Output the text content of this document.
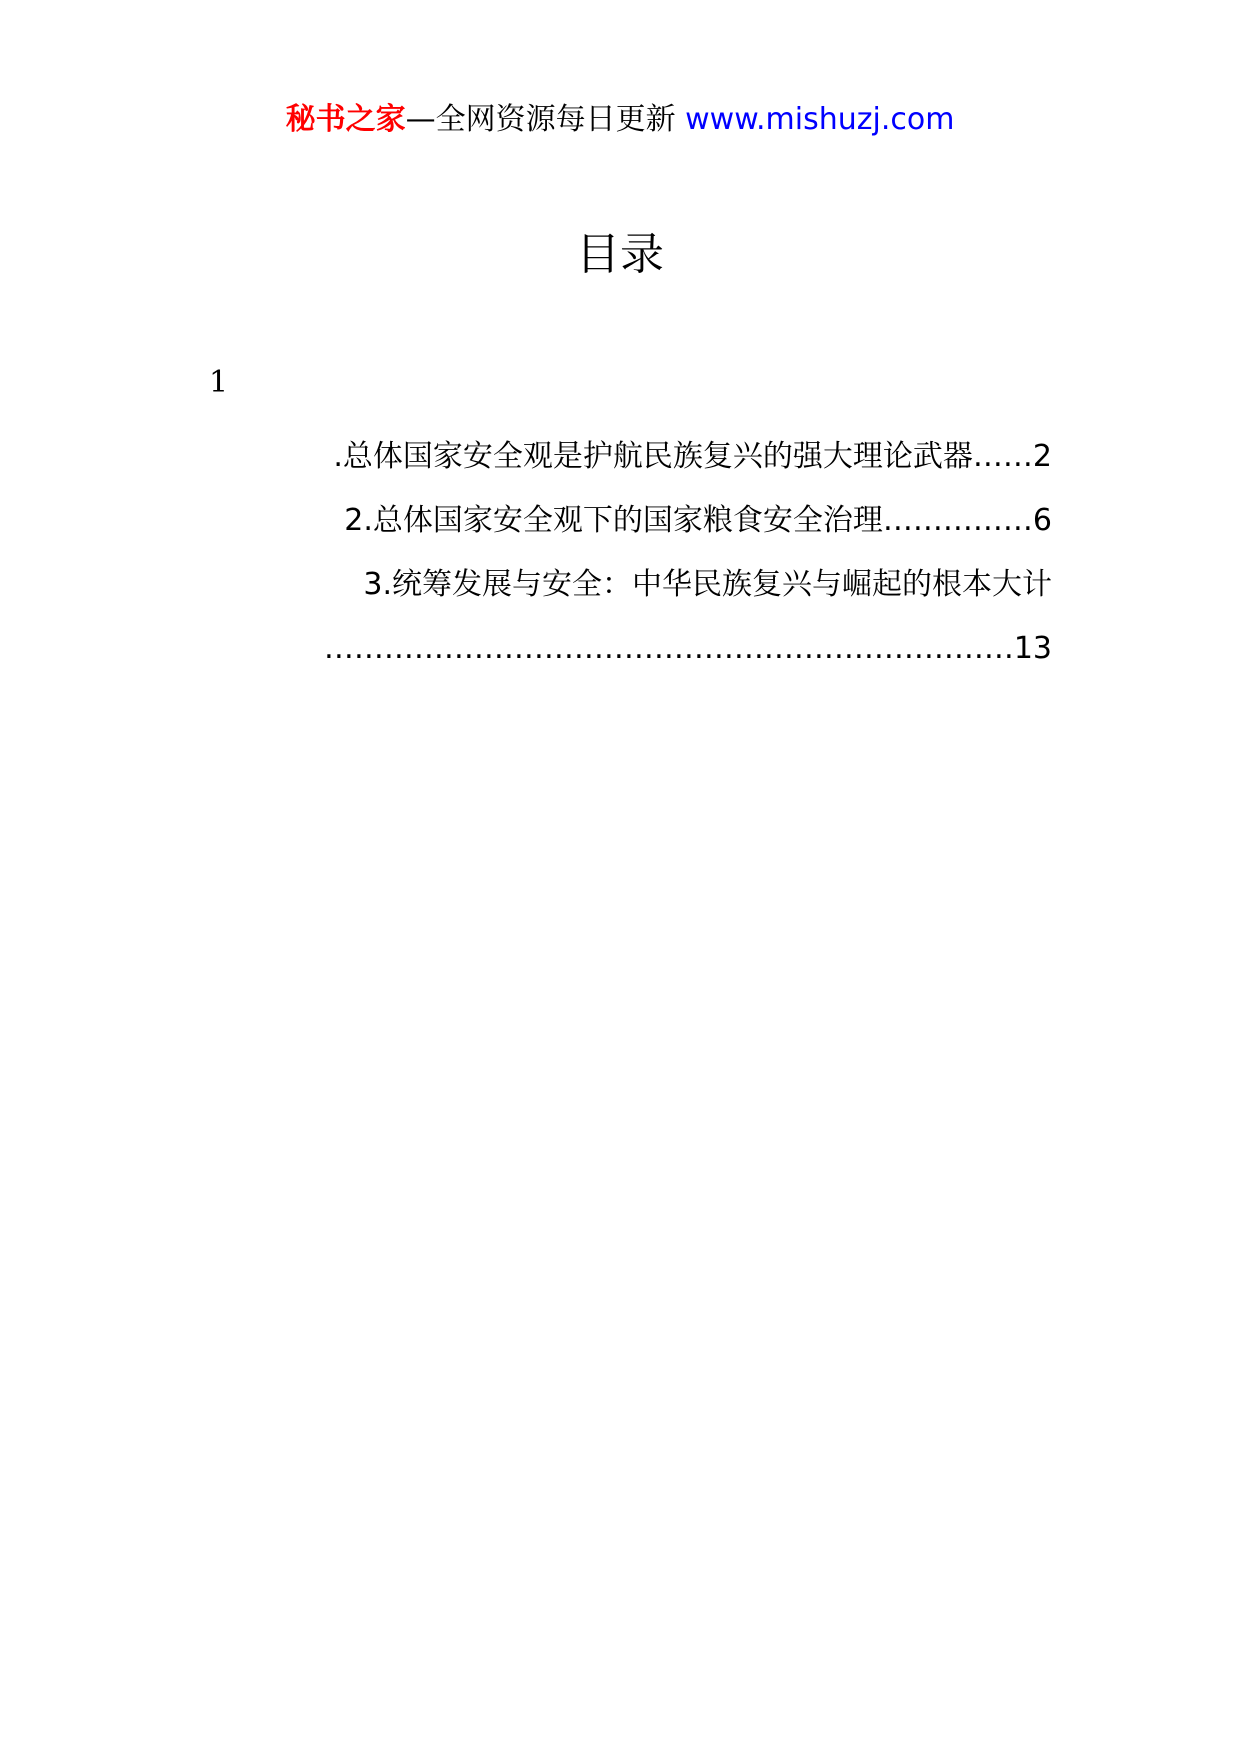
秘书之家—全网资源每日更新 www.mishuzj.com
目录
1
.总体国家安全观是护航民族复兴的强大理论武器……2
2.总体国家安全观下的国家粮食安全治理……………6
3.统筹发展与安全：中华民族复兴与崛起的根本大计
……………………………………………………………13
